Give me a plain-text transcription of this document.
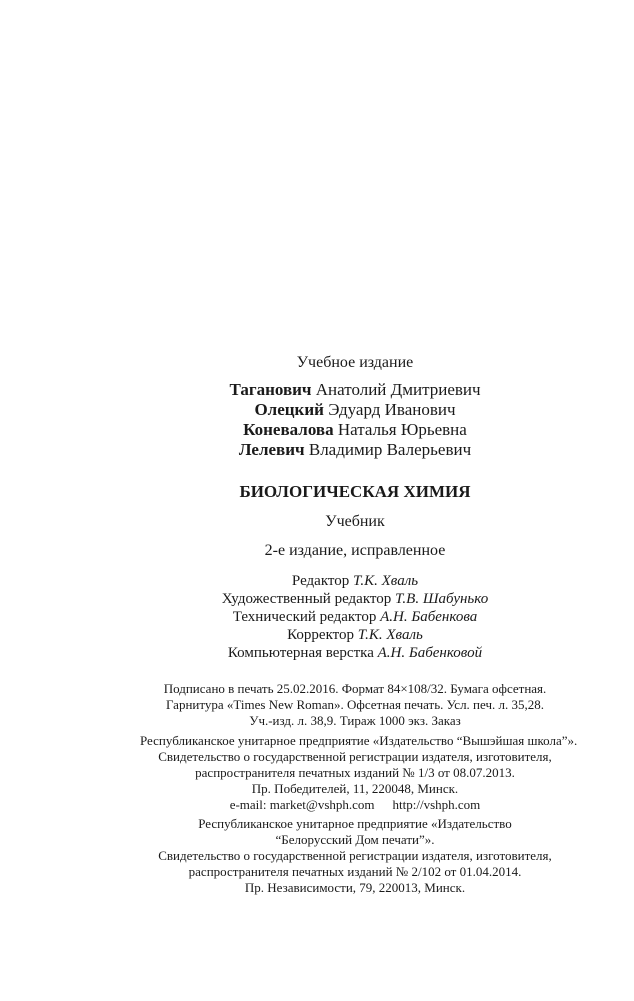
Учебное издание
Таганович Анатолий Дмитриевич
Олецкий Эдуард Иванович
Коневалова Наталья Юрьевна
Лелевич Владимир Валерьевич
БИОЛОГИЧЕСКАЯ ХИМИЯ
Учебник
2-е издание, исправленное
Редактор Т.К. Хваль
Художественный редактор Т.В. Шабунько
Технический редактор А.Н. Бабенкова
Корректор Т.К. Хваль
Компьютерная верстка А.Н. Бабенковой
Подписано в печать 25.02.2016. Формат 84×108/32. Бумага офсетная.
Гарнитура «Times New Roman». Офсетная печать. Усл. печ. л. 35,28.
Уч.-изд. л. 38,9. Тираж 1000 экз. Заказ
Республиканское унитарное предприятие «Издательство “Вышэйшая школа”».
Свидетельство о государственной регистрации издателя, изготовителя,
распространителя печатных изданий № 1/3 от 08.07.2013.
Пр. Победителей, 11, 220048, Минск.
e-mail: market@vshph.com http://vshph.com
Республиканское унитарное предприятие «Издательство
“Белорусский Дом печати”».
Свидетельство о государственной регистрации издателя, изготовителя,
распространителя печатных изданий № 2/102 от 01.04.2014.
Пр. Независимости, 79, 220013, Минск.
